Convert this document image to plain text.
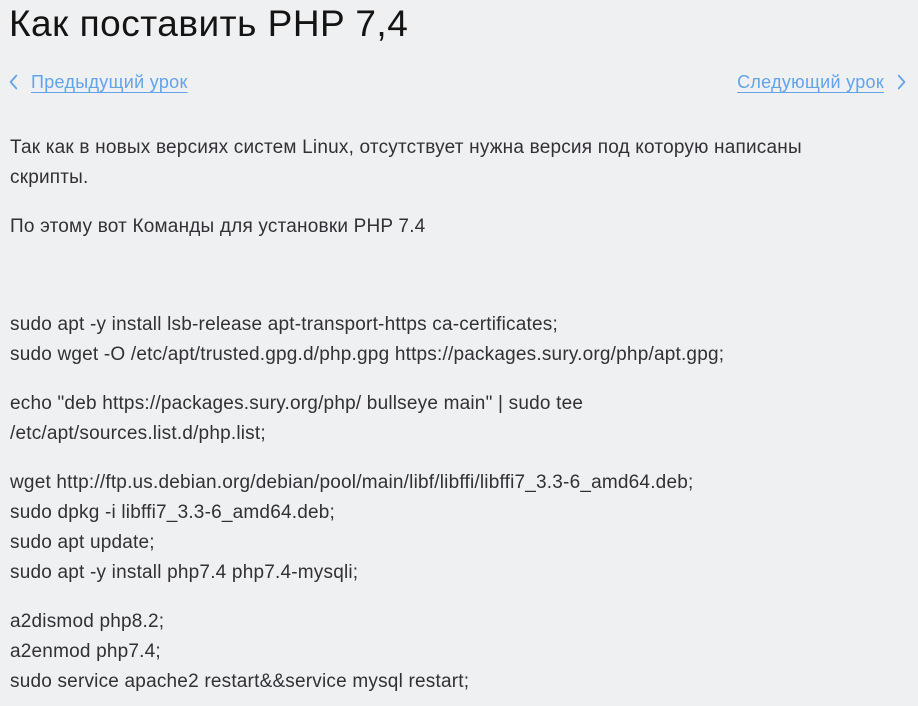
Как поставить PHP 7,4
Предыдущий урок	Следующий урок

Так как в новых версиях систем Linux, отсутствует нужна версия под которую написаны
скрипты.

По этому вот Команды для установки PHP 7.4

sudo apt -y install lsb-release apt-transport-https ca-certificates;
sudo wget -O /etc/apt/trusted.gpg.d/php.gpg https://packages.sury.org/php/apt.gpg;

echo "deb https://packages.sury.org/php/ bullseye main" | sudo tee
/etc/apt/sources.list.d/php.list;

wget http://ftp.us.debian.org/debian/pool/main/libf/libffi/libffi7_3.3-6_amd64.deb;
sudo dpkg -i libffi7_3.3-6_amd64.deb;
sudo apt update;
sudo apt -y install php7.4 php7.4-mysqli;

a2dismod php8.2;
a2enmod php7.4;
sudo service apache2 restart&&service mysql restart;
